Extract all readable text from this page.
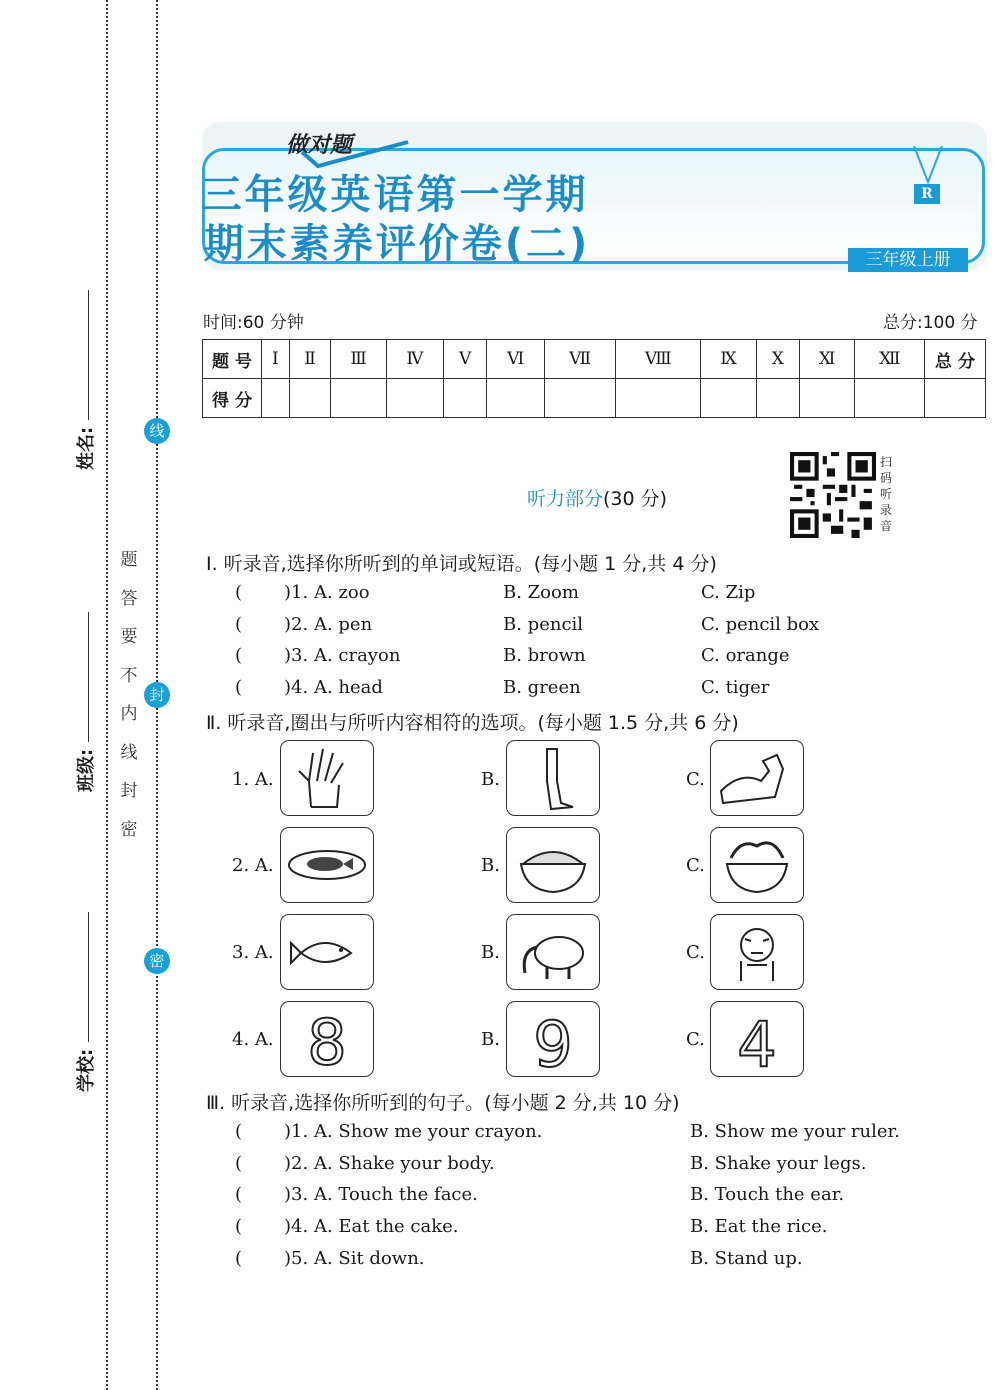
姓名:
班级:
学校:
线
封
密
题
答
要
不
内
线
封
密
做对题
三年级英语第一学期
期末素养评价卷(二)
R
三年级上册
时间:60 分钟	总分:100 分
题 号	Ⅰ	Ⅱ	Ⅲ	Ⅳ	Ⅴ	Ⅵ	Ⅶ	Ⅷ	Ⅸ	Ⅹ	Ⅺ	Ⅻ	总 分
得 分													
听力部分(30 分)
扫码听录音
Ⅰ. 听录音,选择你所听到的单词或短语。(每小题 1 分,共 4 分)
( )1. A. zoo	B. Zoom	C. Zip
( )2. A. pen	B. pencil	C. pencil box
( )3. A. crayon	B. brown	C. orange
( )4. A. head	B. green	C. tiger
Ⅱ. 听录音,圈出与所听内容相符的选项。(每小题 1.5 分,共 6 分)
1. A.	B.	C.
2. A.	B.	C.
3. A.	B.	C.
4. A. 8	B. 9	C. 4
Ⅲ. 听录音,选择你所听到的句子。(每小题 2 分,共 10 分)
( )1. A. Show me your crayon.	B. Show me your ruler.
( )2. A. Shake your body.	B. Shake your legs.
( )3. A. Touch the face.	B. Touch the ear.
( )4. A. Eat the cake.	B. Eat the rice.
( )5. A. Sit down.	B. Stand up.
